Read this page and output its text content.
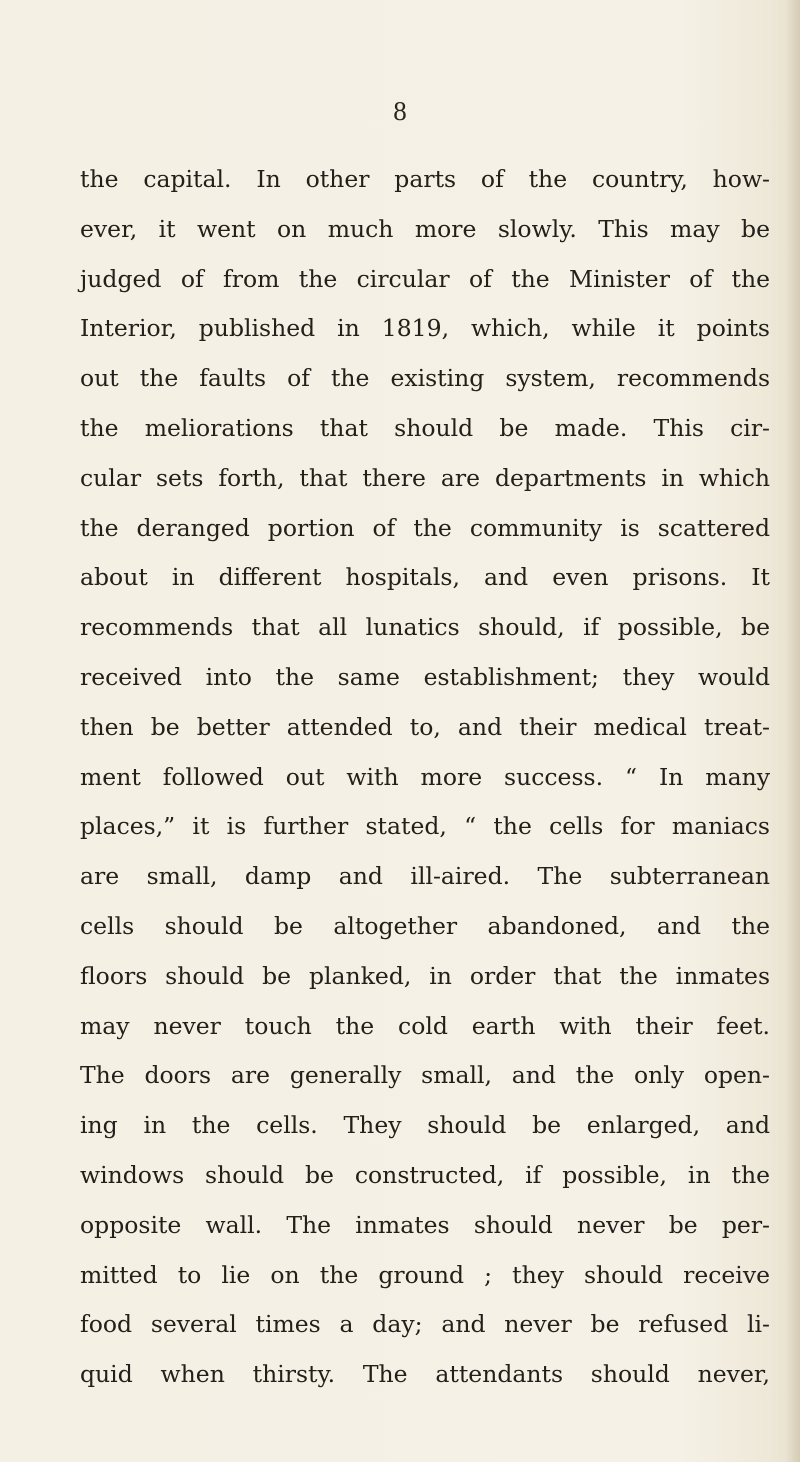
8

the capital. In other parts of the country, how-
ever, it went on much more slowly. This may be
judged of from the circular of the Minister of the
Interior, published in 1819, which, while it points
out the faults of the existing system, recommends
the meliorations that should be made. This cir-
cular sets forth, that there are departments in which
the deranged portion of the community is scattered
about in different hospitals, and even prisons. It
recommends that all lunatics should, if possible, be
received into the same establishment; they would
then be better attended to, and their medical treat-
ment followed out with more success. “ In many
places,” it is further stated, “ the cells for maniacs
are small, damp and ill-aired. The subterranean
cells should be altogether abandoned, and the
floors should be planked, in order that the inmates
may never touch the cold earth with their feet.
The doors are generally small, and the only open-
ing in the cells. They should be enlarged, and
windows should be constructed, if possible, in the
opposite wall. The inmates should never be per-
mitted to lie on the ground ; they should receive
food several times a day; and never be refused li-
quid when thirsty. The attendants should never,
